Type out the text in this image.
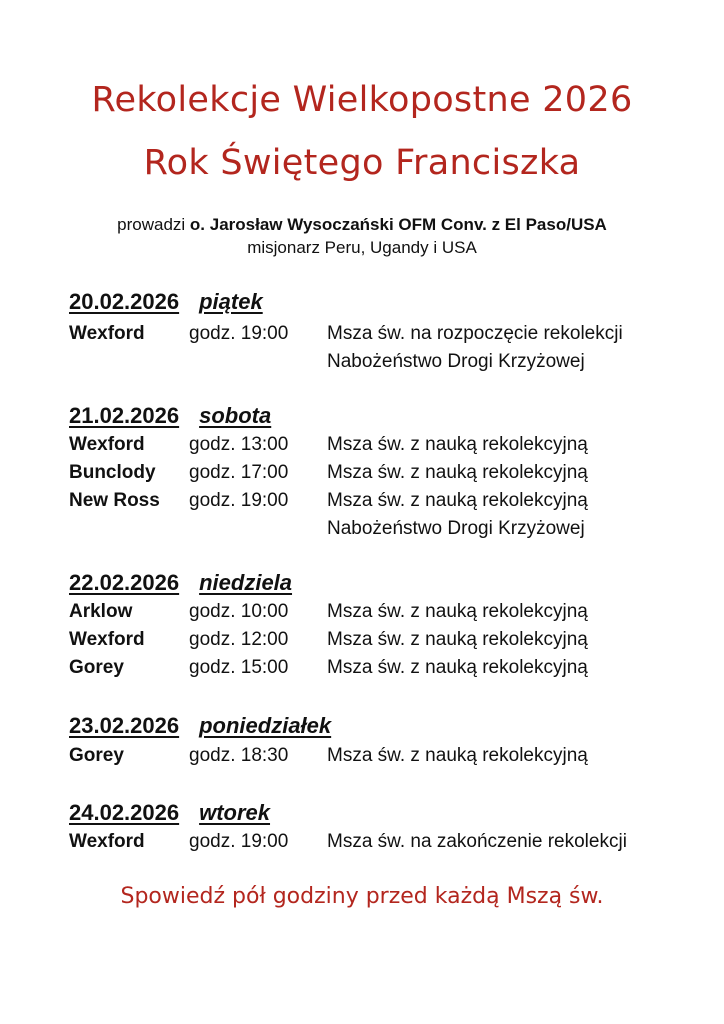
Rekolekcje Wielkopostne 2026
Rok Świętego Franciszka
prowadzi o. Jarosław Wysoczański OFM Conv. z El Paso/USA
misjonarz Peru, Ugandy i USA
20.02.2026 piątek
Wexford godz. 19:00 Msza św. na rozpoczęcie rekolekcji
Nabożeństwo Drogi Krzyżowej
21.02.2026 sobota
Wexford godz. 13:00 Msza św. z nauką rekolekcyjną
Bunclody godz. 17:00 Msza św. z nauką rekolekcyjną
New Ross godz. 19:00 Msza św. z nauką rekolekcyjną
Nabożeństwo Drogi Krzyżowej
22.02.2026 niedziela
Arklow	godz. 10:00 Msza św. z nauką rekolekcyjną
Wexford godz. 12:00 Msza św. z nauką rekolekcyjną
Gorey	godz. 15:00 Msza św. z nauką rekolekcyjną
23.02.2026 poniedziałek
Gorey	godz. 18:30 Msza św. z nauką rekolekcyjną
24.02.2026 wtorek
Wexford godz. 19:00 Msza św. na zakończenie rekolekcji
Spowiedź pół godziny przed każdą Mszą św.
